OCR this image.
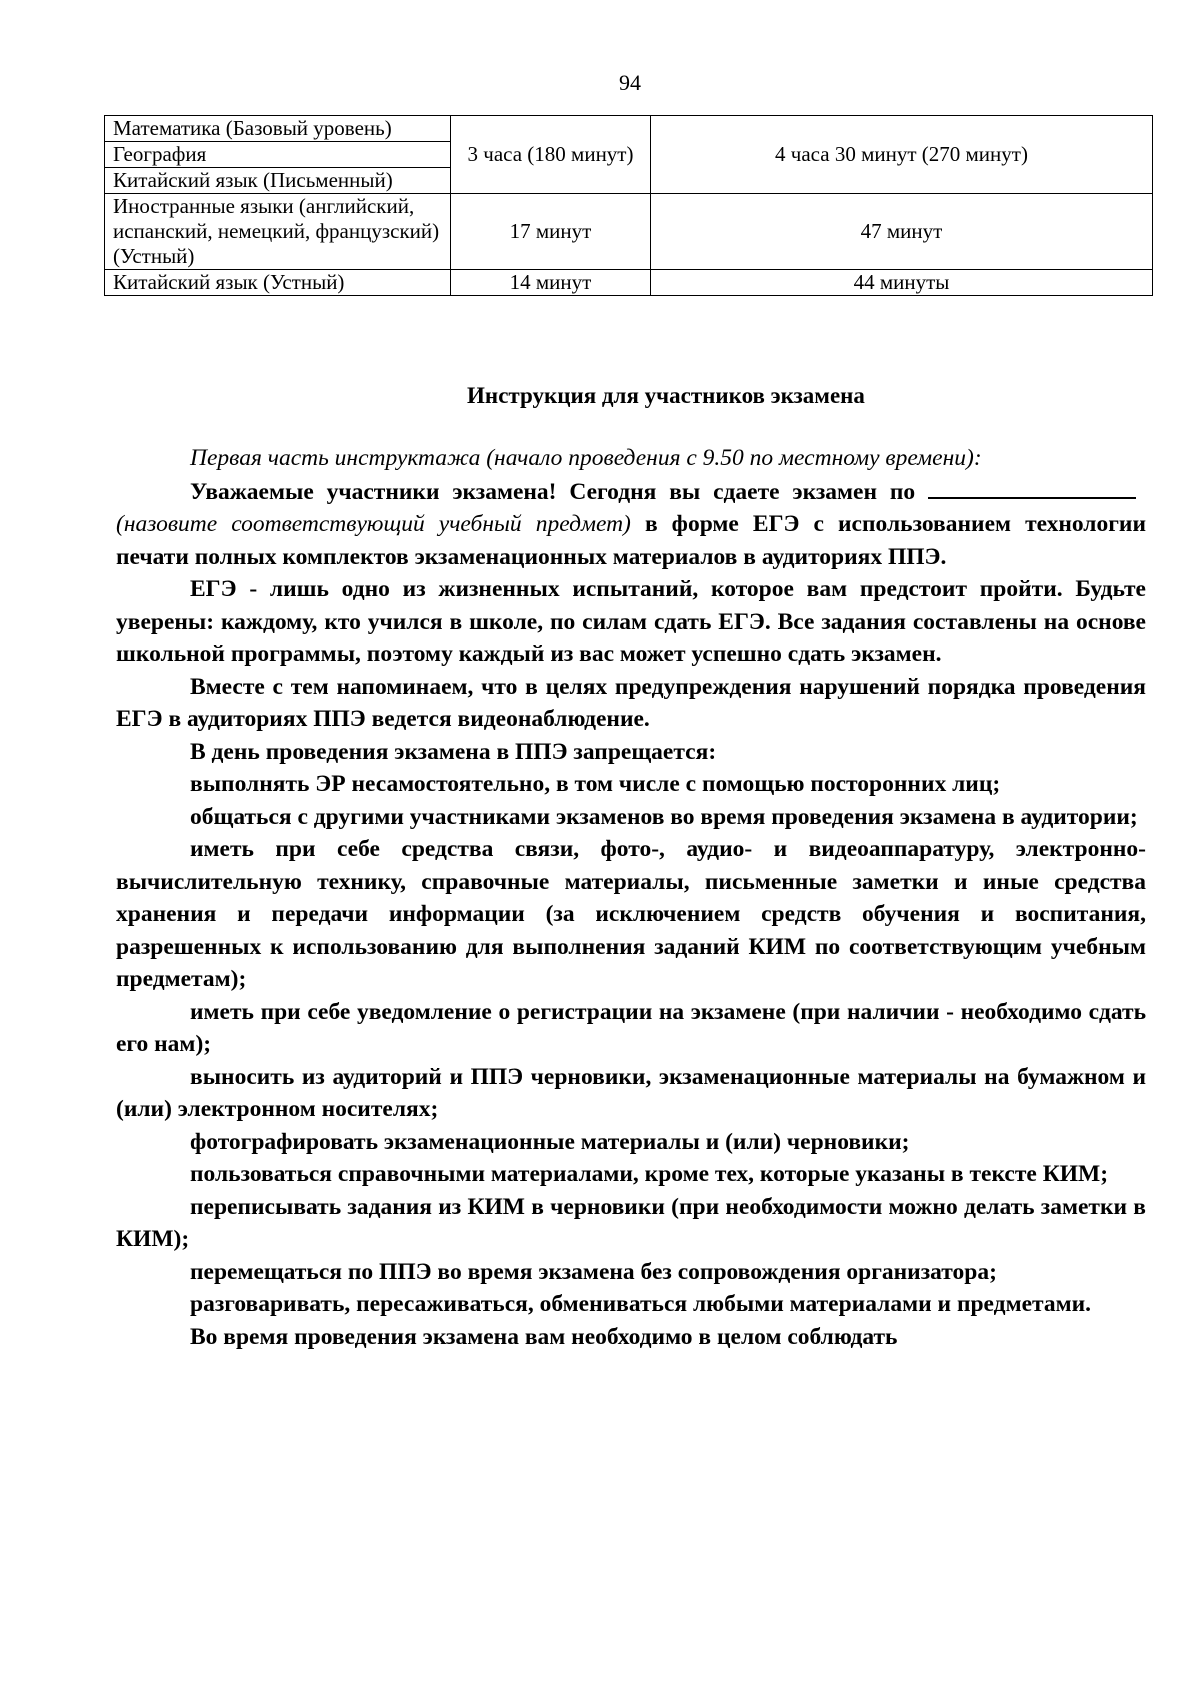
94
Математика (Базовый уровень)	3 часа (180 минут)	4 часа 30 минут (270 минут)
География		
Китайский язык (Письменный)		
Иностранные языки (английский, испанский, немецкий, французский) (Устный)	17 минут	47 минут
Китайский язык (Устный)	14 минут	44 минуты
Инструкция для участников экзамена

Первая часть инструктажа (начало проведения с 9.50 по местному времени):

Уважаемые участники экзамена! Сегодня вы сдаете экзамен по (назовите соответствующий учебный предмет) в форме ЕГЭ с использованием технологии печати полных комплектов экзаменационных материалов в аудиториях ППЭ.

ЕГЭ - лишь одно из жизненных испытаний, которое вам предстоит пройти. Будьте уверены: каждому, кто учился в школе, по силам сдать ЕГЭ. Все задания составлены на основе школьной программы, поэтому каждый из вас может успешно сдать экзамен.

Вместе с тем напоминаем, что в целях предупреждения нарушений порядка проведения ЕГЭ в аудиториях ППЭ ведется видеонаблюдение.

В день проведения экзамена в ППЭ запрещается:

выполнять ЭР несамостоятельно, в том числе с помощью посторонних лиц;

общаться с другими участниками экзаменов во время проведения экзамена в аудитории;

иметь при себе средства связи, фото-, аудио- и видеоаппаратуру, электронно-вычислительную технику, справочные материалы, письменные заметки и иные средства хранения и передачи информации (за исключением средств обучения и воспитания, разрешенных к использованию для выполнения заданий КИМ по соответствующим учебным предметам);

иметь при себе уведомление о регистрации на экзамене (при наличии - необходимо сдать его нам);

выносить из аудиторий и ППЭ черновики, экзаменационные материалы на бумажном и (или) электронном носителях;

фотографировать экзаменационные материалы и (или) черновики;

пользоваться справочными материалами, кроме тех, которые указаны в тексте КИМ;

переписывать задания из КИМ в черновики (при необходимости можно делать заметки в КИМ);

перемещаться по ППЭ во время экзамена без сопровождения организатора;

разговаривать, пересаживаться, обмениваться любыми материалами и предметами.

Во время проведения экзамена вам необходимо в целом соблюдать
